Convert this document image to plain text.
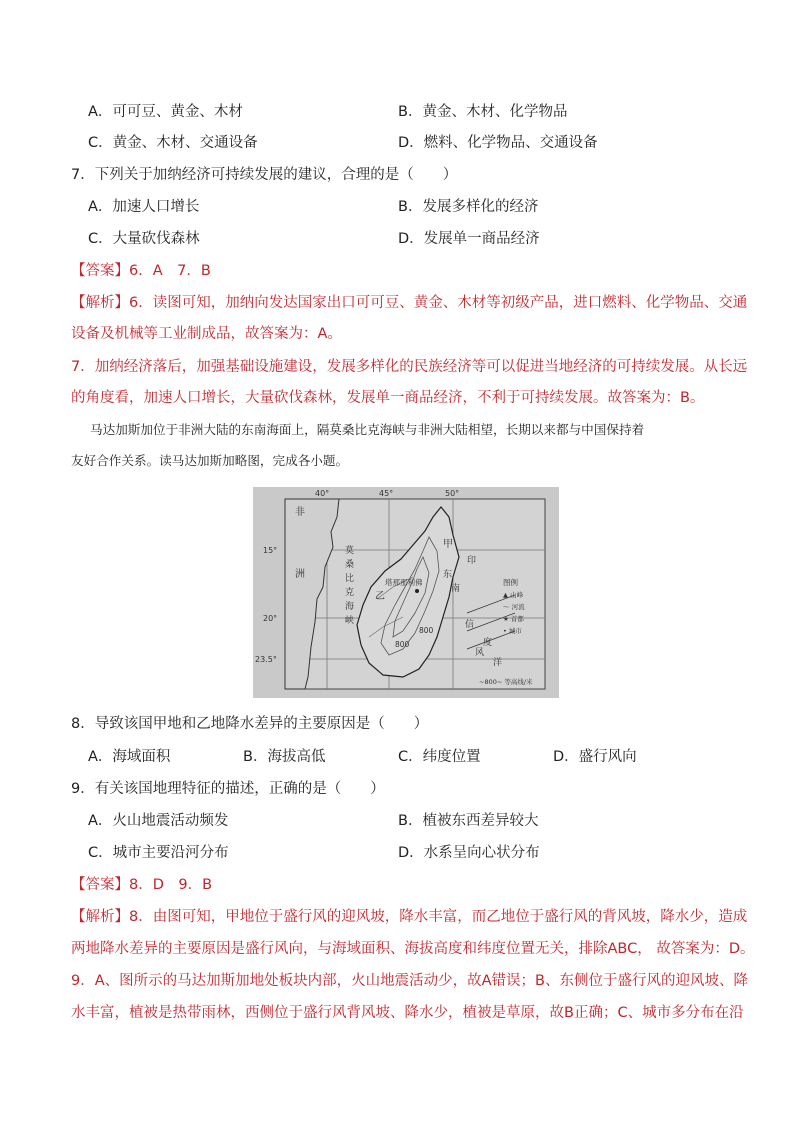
A．可可豆、黄金、木材	B．黄金、木材、化学物品
C．黄金、木材、交通设备	D．燃料、化学物品、交通设备
7．下列关于加纳经济可持续发展的建议，合理的是（　　）
A．加速人口增长	B．发展多样化的经济
C．大量砍伐森林	D．发展单一商品经济
【答案】6．A　7．B
【解析】6．读图可知，加纳向发达国家出口可可豆、黄金、木材等初级产品，进口燃料、化学物品、交通
设备及机械等工业制成品，故答案为：A。
7．加纳经济落后，加强基础设施建设，发展多样化的民族经济等可以促进当地经济的可持续发展。从长远
的角度看，加速人口增长，大量砍伐森林，发展单一商品经济，不利于可持续发展。故答案为：B。
马达加斯加位于非洲大陆的东南海面上，隔莫桑比克海峡与非洲大陆相望，长期以来都与中国保持着
友好合作关系。读马达加斯加略图，完成各小题。
40°	45°	50°
15°
20°
23.5°
非
洲
莫
桑
比
克
海
峡
乙
甲
塔那那利佛
800
800
印
度
洋
东
南
信
风
图例
▲ 山峰
～ 河流
★ 首都
• 城市
~800~ 等高线/米
8．导致该国甲地和乙地降水差异的主要原因是（　　）
A．海域面积	B．海拔高低	C．纬度位置	D．盛行风向
9．有关该国地理特征的描述，正确的是（　　）
A．火山地震活动频发	B．植被东西差异较大
C．城市主要沿河分布	D．水系呈向心状分布
【答案】8．D　9．B
【解析】8．由图可知，甲地位于盛行风的迎风坡，降水丰富，而乙地位于盛行风的背风坡，降水少，造成
两地降水差异的主要原因是盛行风向，与海域面积、海拔高度和纬度位置无关，排除ABC， 故答案为：D。
9．A、图所示的马达加斯加地处板块内部，火山地震活动少，故A错误；B、东侧位于盛行风的迎风坡、降
水丰富，植被是热带雨林，西侧位于盛行风背风坡、降水少，植被是草原，故B正确；C、城市多分布在沿
